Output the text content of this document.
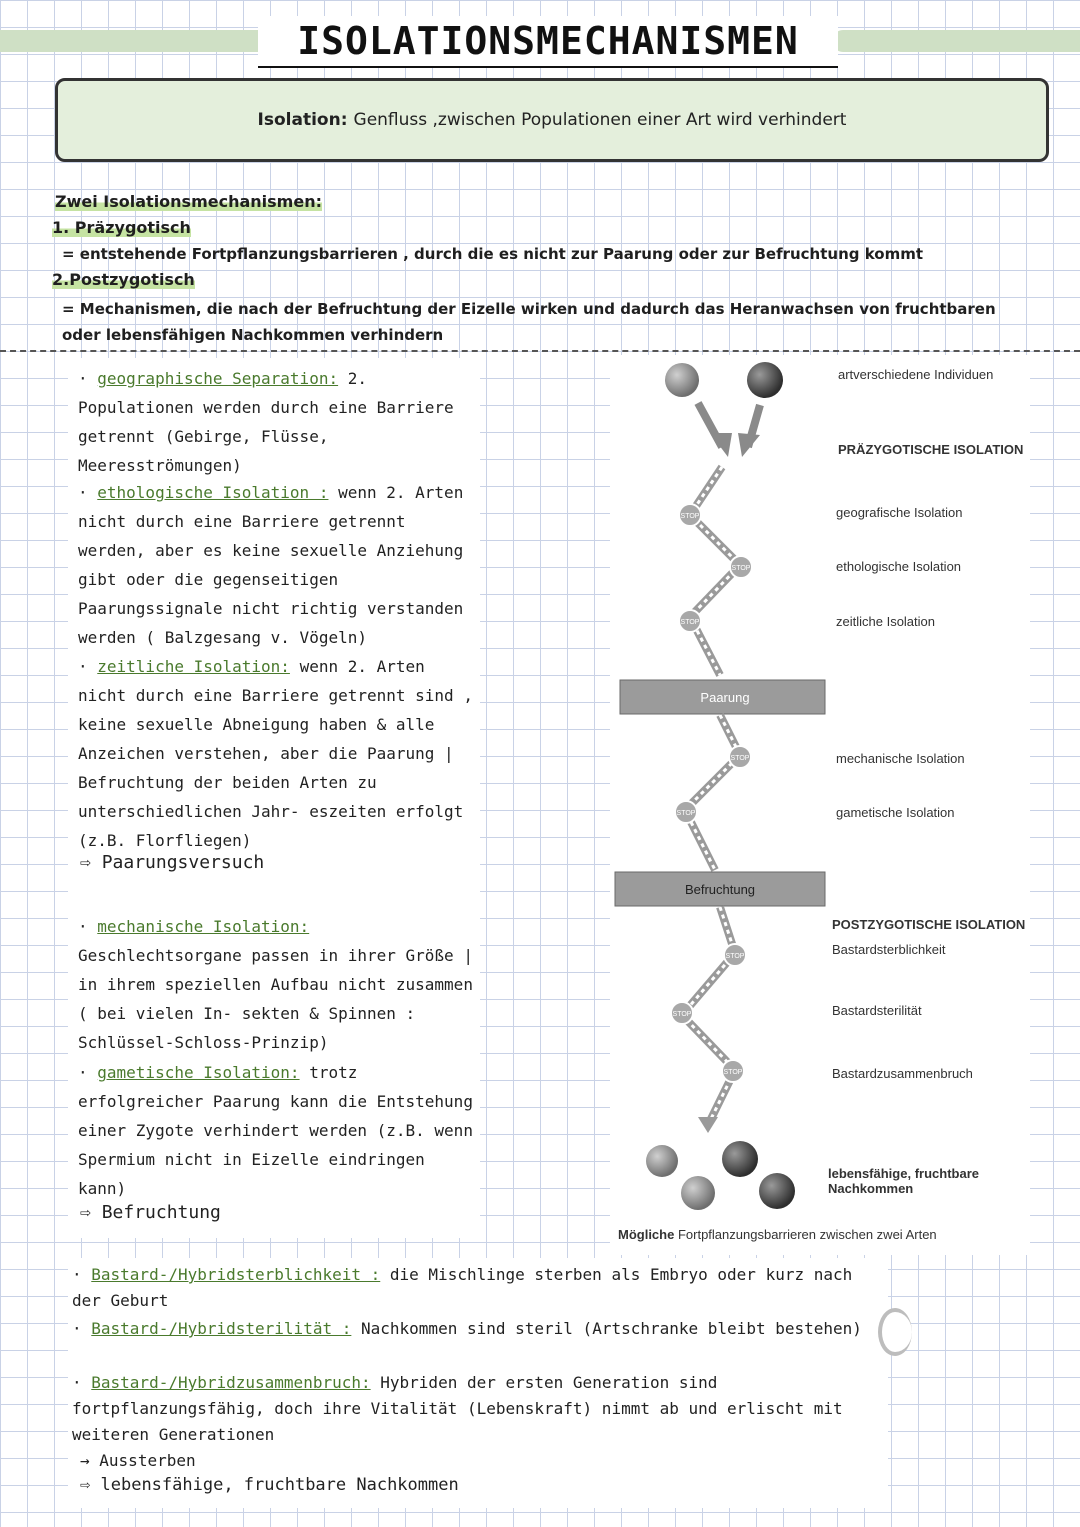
ISOLATIONSMECHANISMEN
Isolation: Genfluss ,zwischen Populationen einer Art wird verhindert
Zwei Isolationsmechanismen:
1. Präzygotisch
= entstehende Fortpflanzungsbarrieren , durch die es nicht zur Paarung oder zur Befruchtung kommt
2.Postzygotisch
= Mechanismen, die nach der Befruchtung der Eizelle wirken und dadurch das Heranwachsen von fruchtbaren oder lebensfähigen Nachkommen verhindern
· geographische Separation: 2. Populationen werden durch eine Barriere getrennt (Gebirge, Flüsse, Meeresströmungen)
· ethologische Isolation : wenn 2. Arten nicht durch eine Barriere getrennt werden, aber es keine sexuelle Anziehung gibt oder die gegenseitigen Paarungssignale nicht richtig verstanden werden ( Balzgesang v. Vögeln)
· zeitliche Isolation: wenn 2. Arten nicht durch eine Barriere getrennt sind , keine sexuelle Abneigung haben & alle Anzeichen verstehen, aber die Paarung | Befruchtung der beiden Arten zu unterschiedlichen Jahr- eszeiten erfolgt (z.B. Florfliegen)
⇨ Paarungsversuch
· mechanische Isolation: Geschlechtsorgane passen in ihrer Größe | in ihrem speziellen Aufbau nicht zusammen ( bei vielen In- sekten & Spinnen : Schlüssel-Schloss-Prinzip)
· gametische Isolation: trotz erfolgreicher Paarung kann die Entstehung einer Zygote verhindert werden (z.B. wenn Spermium nicht in Eizelle eindringen kann)
⇨ Befruchtung
Paarung
Befruchtung
STOP
STOP
STOP
STOP
STOP
STOP
STOP
STOP
artverschiedene Individuen
PRÄZYGOTISCHE ISOLATION
geografische Isolation
ethologische Isolation
zeitliche Isolation
mechanische Isolation
gametische Isolation
POSTZYGOTISCHE ISOLATION
Bastardsterblichkeit
Bastardsterilität
Bastardzusammenbruch
lebensfähige, fruchtbare Nachkommen
Mögliche Fortpflanzungsbarrieren zwischen zwei Arten
· Bastard-/Hybridsterblichkeit : die Mischlinge sterben als Embryo oder kurz nach der Geburt
· Bastard-/Hybridsterilität : Nachkommen sind steril (Artschranke bleibt bestehen)
· Bastard-/Hybridzusammenbruch: Hybriden der ersten Generation sind fortpflanzungsfähig, doch ihre Vitalität (Lebenskraft) nimmt ab und erlischt mit weiteren Generationen
→ Aussterben
⇨ lebensfähige, fruchtbare Nachkommen
